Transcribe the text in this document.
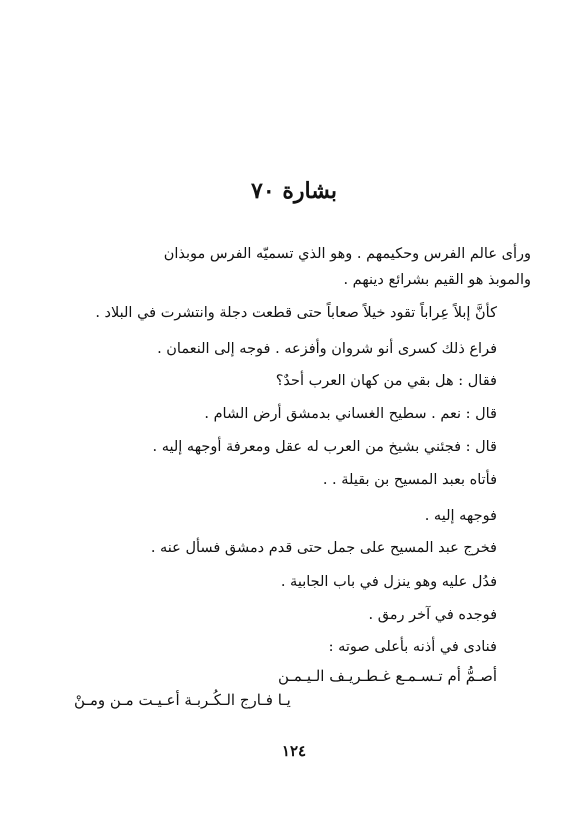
بشارة ٧٠
ورأى عالم الفرس وحكيمهم . وهو الذي تسميّه الفرس موبذان
والموبذ هو القيم بشرائع دينهم .
كأنَّ إبلاً عِراباً تقود خيلاً صعاباً حتى قطعت دجلة وانتشرت في البلاد .
فراع ذلك كسرى أنو شروان وأفزعه . فوجه إلى النعمان .
فقال : هل بقي من كهان العرب أحدٌ؟
قال : نعم . سطيح الغساني بدمشق أرض الشام .
قال : فجئني بشيخ من العرب له عقل ومعرفة أوجهه إليه .
فأتاه بعبد المسيح بن بقيلة . .
فوجهه إليه .
فخرج عبد المسيح على جمل حتى قدم دمشق فسأل عنه .
فدُل عليه وهو ينزل في باب الجابية .
فوجده في آخر رمق .
فنادى في أذنه بأعلى صوته :
أصـمُّ أم تـسـمـع غـطـريـف الـيـمـن
يـا فـارج الـكُـربـة أعـيـت مـن ومـنْ
١٢٤
